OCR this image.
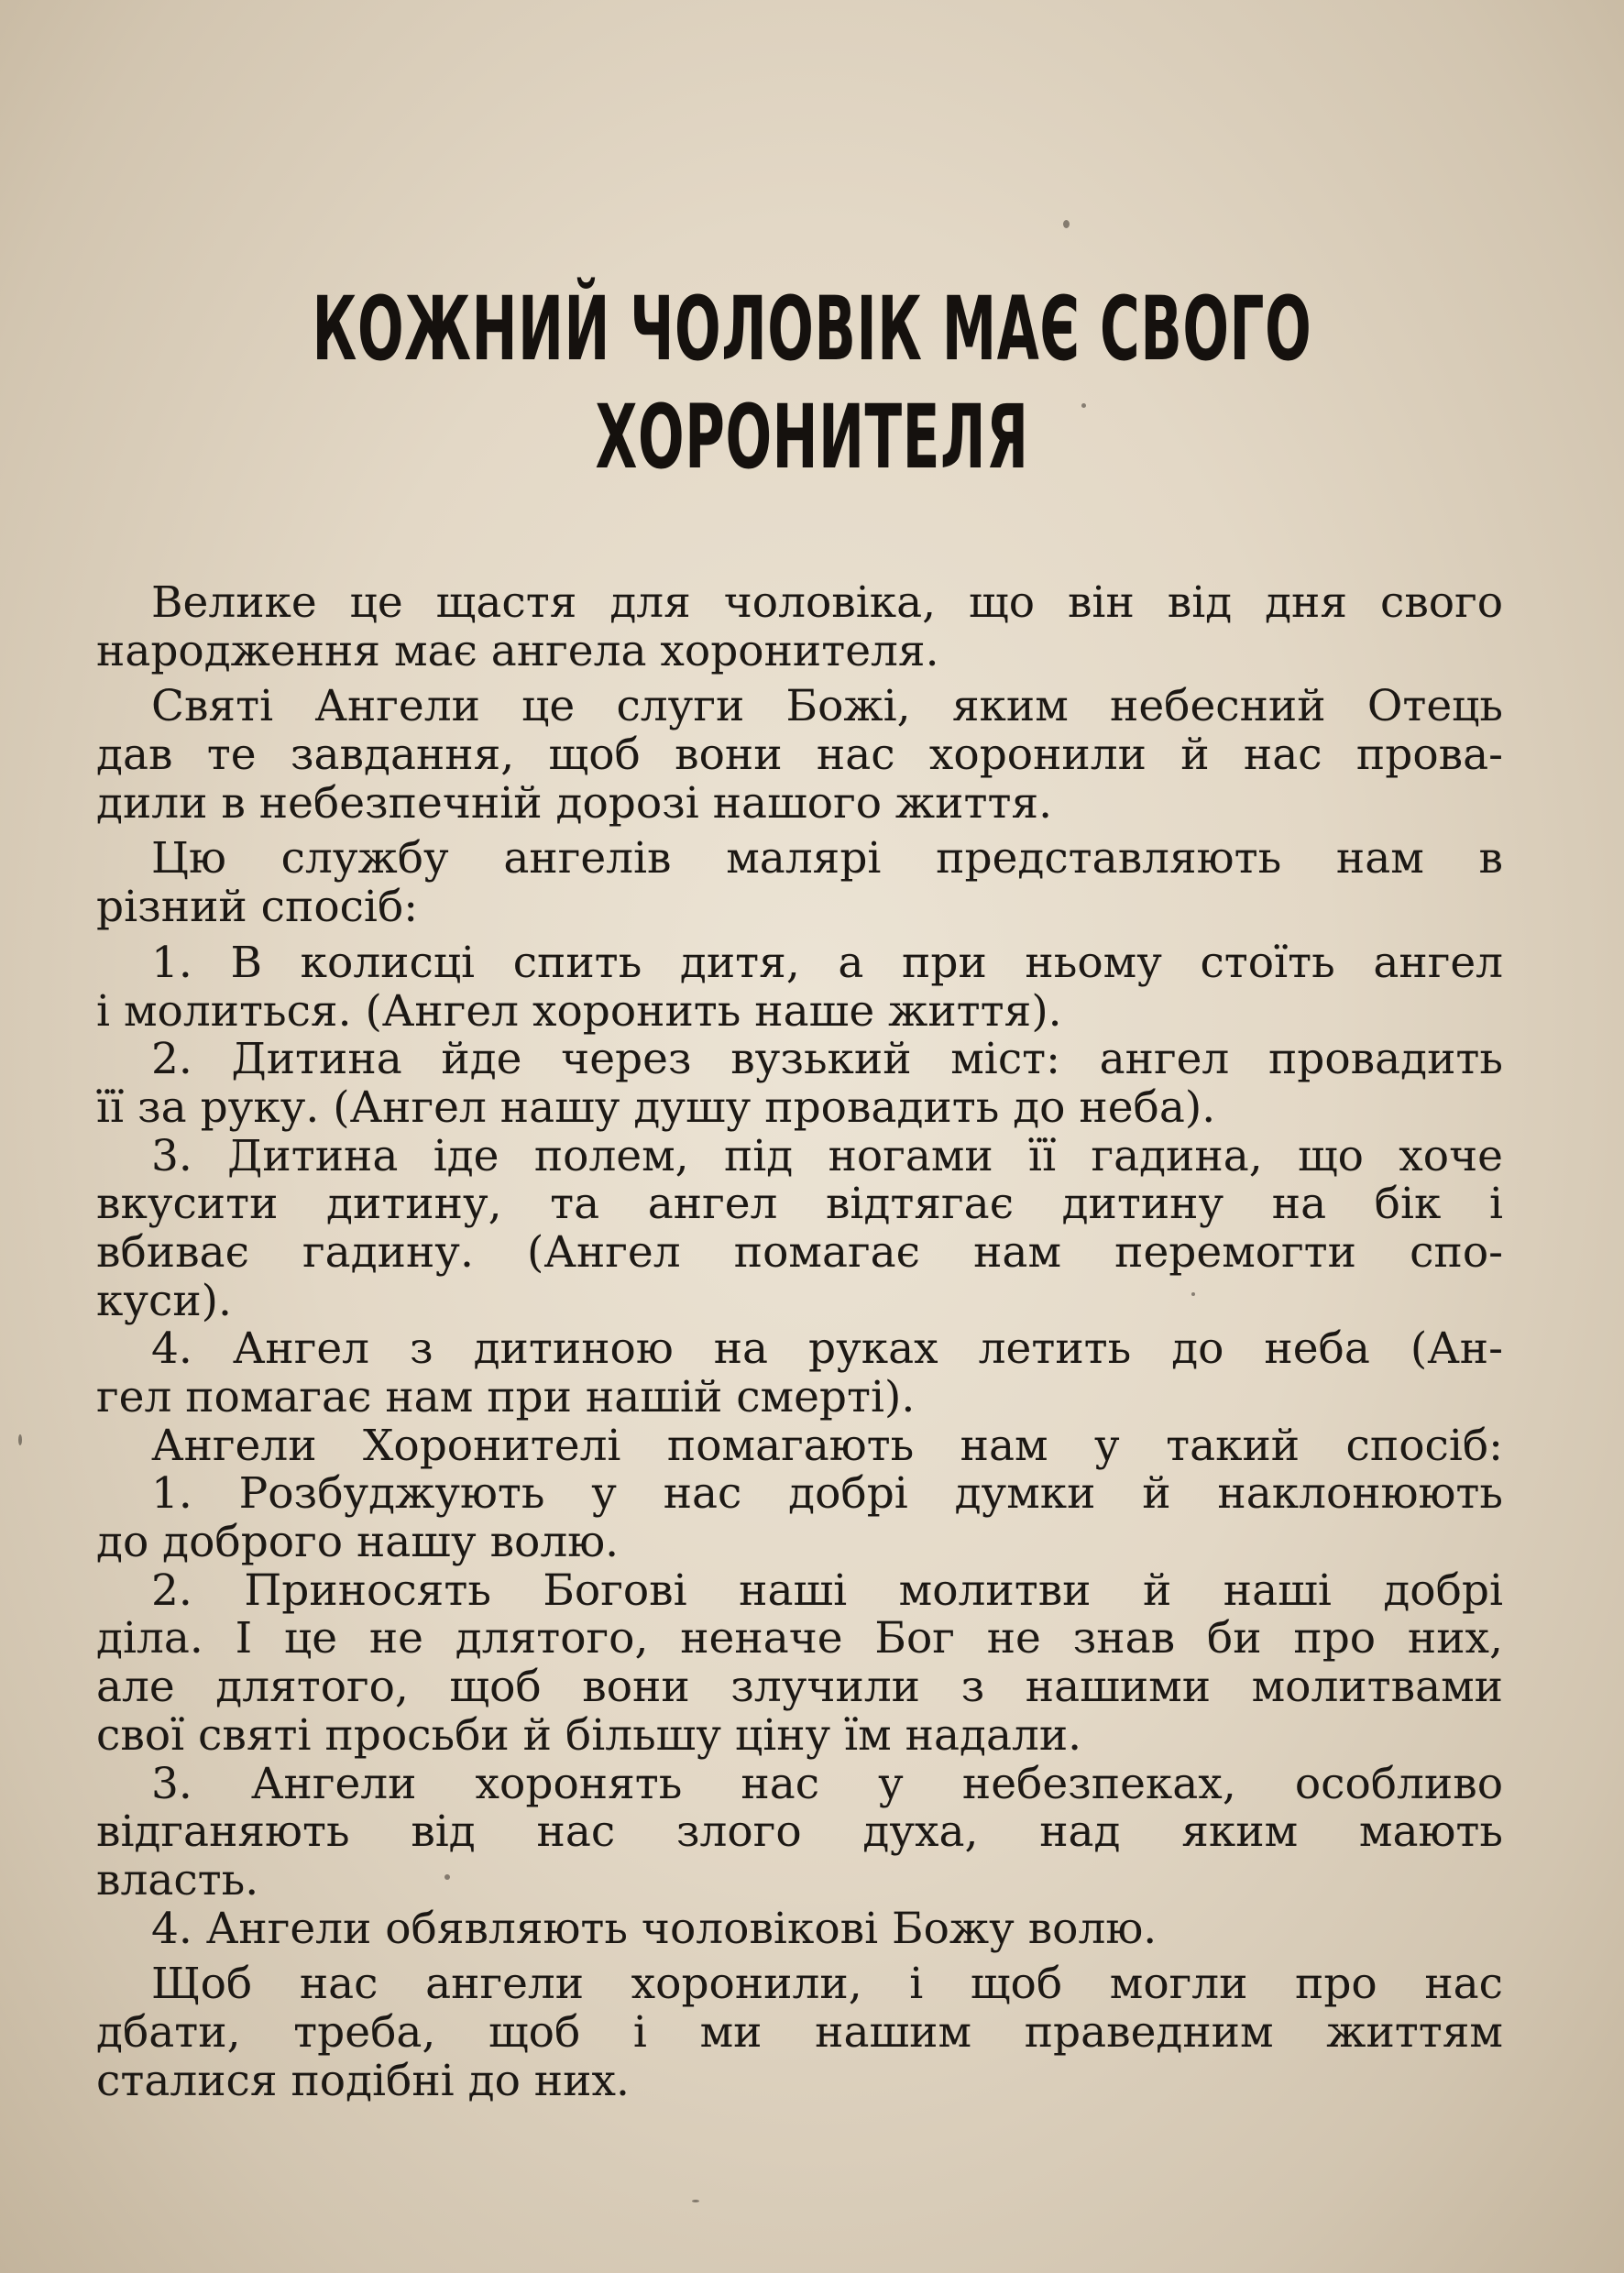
КОЖНИЙ ЧОЛОВІК МАЄ СВОГО
ХОРОНИТЕЛЯ
Велике це щастя для чоловіка, що він від дня свого
народження має ангела хоронителя.
Святі Ангели це слуги Божі, яким небесний Отець
дав те завдання, щоб вони нас хоронили й нас прова-
дили в небезпечній дорозі нашого життя.
Цю службу ангелів малярі представляють нам в
різний спосіб:
1. В колисці спить дитя, а при ньому стоїть ангел
і молиться. (Ангел хоронить наше життя).
2. Дитина йде через вузький міст: ангел провадить
її за руку. (Ангел нашу душу провадить до неба).
3. Дитина іде полем, під ногами її гадина, що хоче
вкусити дитину, та ангел відтягає дитину на бік і
вбиває гадину. (Ангел помагає нам перемогти спо-
куси).
4. Ангел з дитиною на руках летить до неба (Ан-
гел помагає нам при нашій смерті).
Ангели Хоронителі помагають нам у такий спосіб:
1. Розбуджують у нас добрі думки й наклонюють
до доброго нашу волю.
2. Приносять Богові наші молитви й наші добрі
діла. І це не длятого, неначе Бог не знав би про них,
але длятого, щоб вони злучили з нашими молитвами
свої святі просьби й більшу ціну їм надали.
3. Ангели хоронять нас у небезпеках, особливо
відганяють від нас злого духа, над яким мають
власть.
4. Ангели обявляють чоловікові Божу волю.
Щоб нас ангели хоронили, і щоб могли про нас
дбати, треба, щоб і ми нашим праведним життям
сталися подібні до них.
